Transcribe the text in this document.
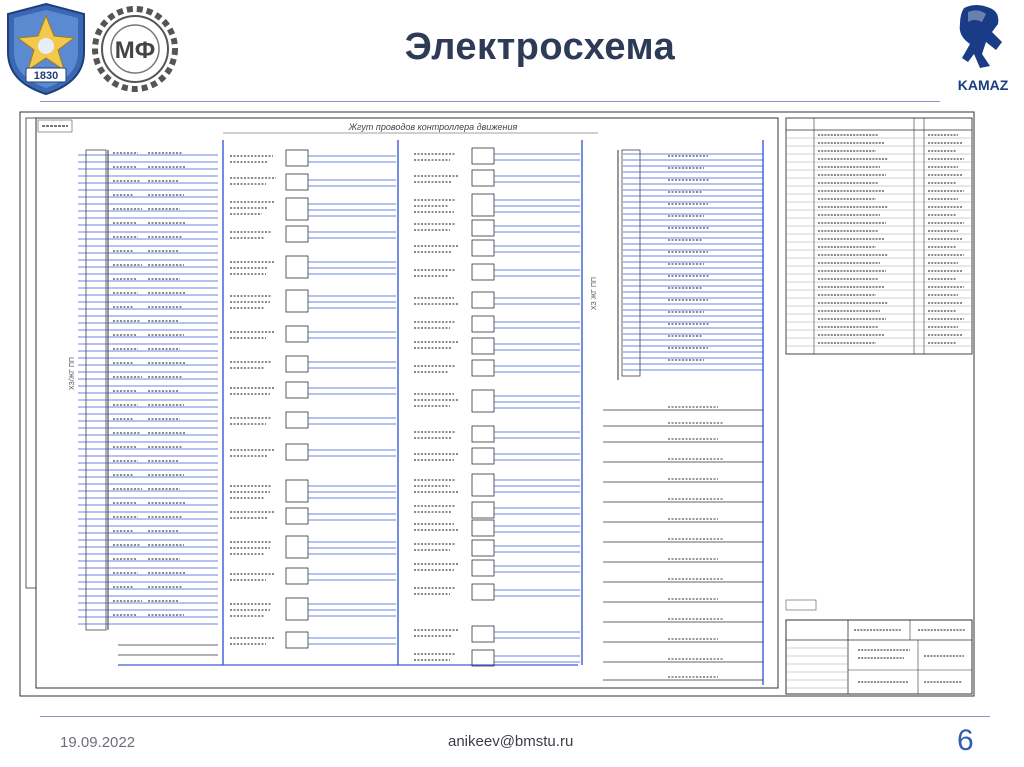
1830
МФ
KAMAZ
Электросхема
Жгут проводов контроллера движения
ХЗ/ЖГ ПП
ХЗ ЖГ ПП
19.09.2022	anikeev@bmstu.ru	6
